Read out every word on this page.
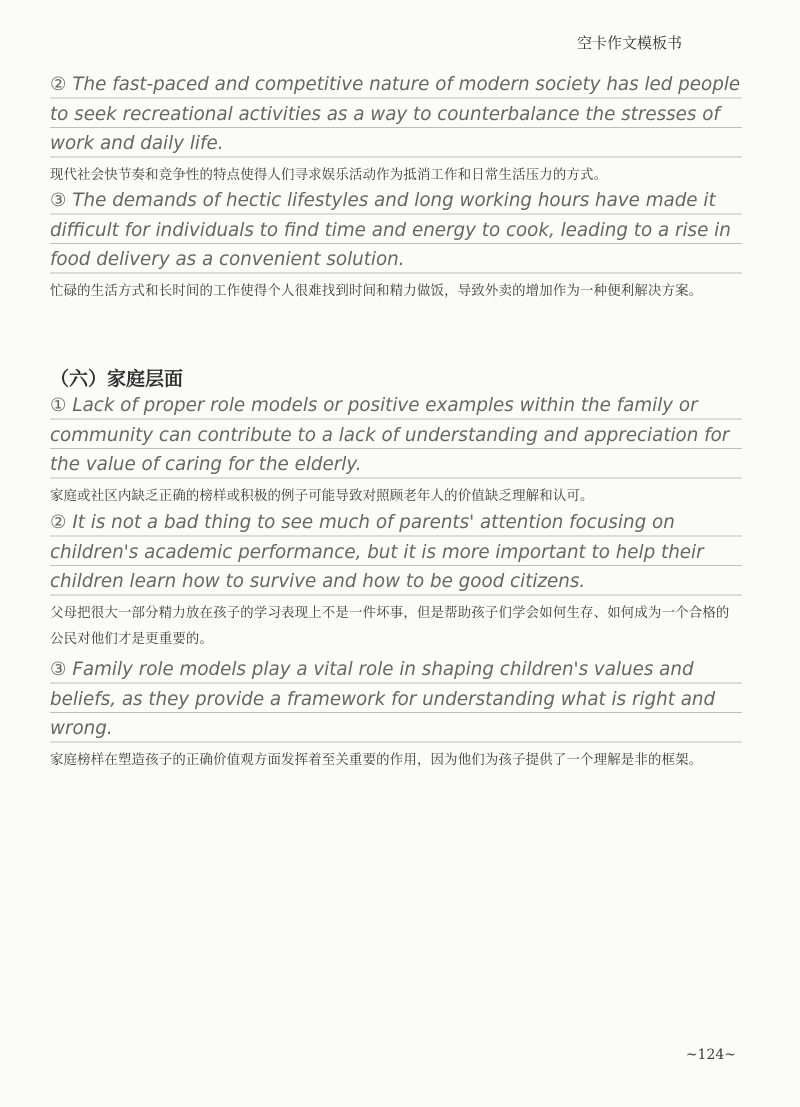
空卡作文模板书

② The fast-paced and competitive nature of modern society has led people to seek recreational activities as a way to counterbalance the stresses of work and daily life.

现代社会快节奏和竞争性的特点使得人们寻求娱乐活动作为抵消工作和日常生活压力的方式。

③ The demands of hectic lifestyles and long working hours have made it difficult for individuals to find time and energy to cook, leading to a rise in food delivery as a convenient solution.

忙碌的生活方式和长时间的工作使得个人很难找到时间和精力做饭，导致外卖的增加作为一种便利解决方案。

（六）家庭层面

① Lack of proper role models or positive examples within the family or community can contribute to a lack of understanding and appreciation for the value of caring for the elderly.

家庭或社区内缺乏正确的榜样或积极的例子可能导致对照顾老年人的价值缺乏理解和认可。

② It is not a bad thing to see much of parents' attention focusing on children's academic performance, but it is more important to help their children learn how to survive and how to be good citizens.

父母把很大一部分精力放在孩子的学习表现上不是一件坏事，但是帮助孩子们学会如何生存、如何成为一个合格的公民对他们才是更重要的。

③ Family role models play a vital role in shaping children's values and beliefs, as they provide a framework for understanding what is right and wrong.

家庭榜样在塑造孩子的正确价值观方面发挥着至关重要的作用，因为他们为孩子提供了一个理解是非的框架。

~124~
